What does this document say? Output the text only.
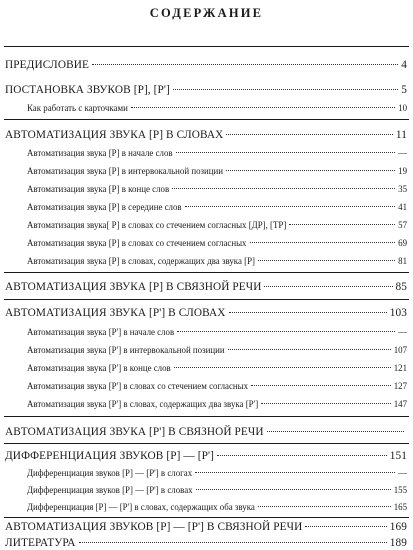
СОДЕРЖАНИЕ
ПРЕДИСЛОВИЕ	4
ПОСТАНОВКА ЗВУКОВ [Р], [Р']	5
Как работать с карточками	10
АВТОМАТИЗАЦИЯ ЗВУКА [Р] В СЛОВАХ	11
Автоматизация звука [Р] в начале слов	—
Автоматизация звука [Р] в интервокальной позиции	19
Автоматизация звука [Р] в конце слов	35
Автоматизация звука [Р] в середине слов	41
Автоматизация звука[ Р] в словах со стечением согласных [ДР], [ТР]	57
Автоматизация звука [Р] в словах со стечением согласных	69
Автоматизация звука [Р] в словах, содержащих два звука [Р]	81
АВТОМАТИЗАЦИЯ ЗВУКА [Р] В СВЯЗНОЙ РЕЧИ	85
АВТОМАТИЗАЦИЯ ЗВУКА [Р'] В СЛОВАХ	103
Автоматизация звука [Р'] в начале слов	—
Автоматизация звука [Р'] в интервокальной позиции	107
Автоматизация звука [Р'] в конце слов	121
Автоматизация звука [Р'] в словах со стечением согласных	127
Автоматизация звука [Р'] в словах, содержащих два звука [Р']	147
АВТОМАТИЗАЦИЯ ЗВУКА [Р'] В СВЯЗНОЙ РЕЧИ
ДИФФЕРЕНЦИАЦИЯ ЗВУКОВ [Р] — [Р']	151
Дифференциация звуков [Р] — [Р'] в слогах	—
Дифференциация звуков [Р] — [Р'] в словах	155
Дифференциация [Р] — [Р'] в словах, содержащих оба звука	165
АВТОМАТИЗАЦИЯ ЗВУКОВ [Р] — [Р'] В СВЯЗНОЙ РЕЧИ	169
ЛИТЕРАТУРА	189
